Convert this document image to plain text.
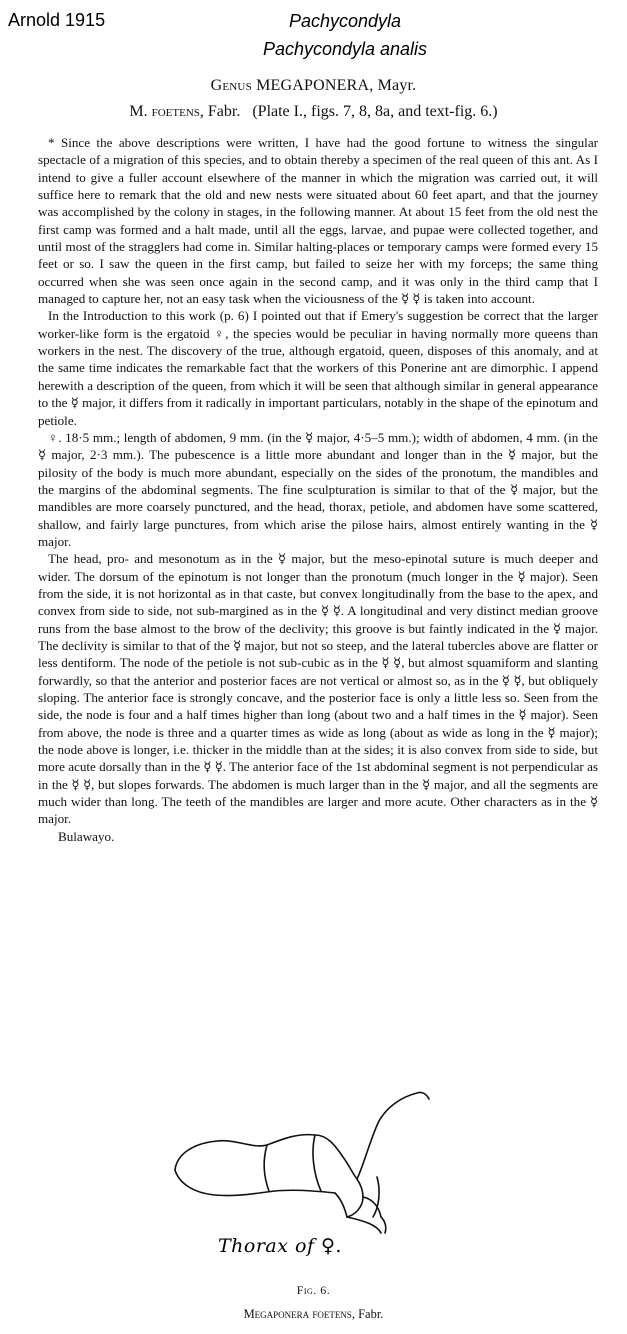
Arnold 1915	Pachycondyla
Pachycondyla analis
Genus MEGAPONERA, Mayr.
M. foetens, Fabr.   (Plate I., figs. 7, 8, 8a, and text-fig. 6.)

* Since the above descriptions were written, I have had the good fortune to witness the singular spectacle of a migration of this species, and to obtain thereby a specimen of the real queen of this ant. As I intend to give a fuller account elsewhere of the manner in which the migration was carried out, it will suffice here to remark that the old and new nests were situated about 60 feet apart, and that the journey was accomplished by the colony in stages, in the following manner. At about 15 feet from the old nest the first camp was formed and a halt made, until all the eggs, larvae, and pupae were collected together, and until most of the stragglers had come in. Similar halting-places or temporary camps were formed every 15 feet or so. I saw the queen in the first camp, but failed to seize her with my forceps; the same thing occurred when she was seen once again in the second camp, and it was only in the third camp that I managed to capture her, not an easy task when the viciousness of the ☿ ☿ is taken into account.

In the Introduction to this work (p. 6) I pointed out that if Emery's suggestion be correct that the larger worker-like form is the ergatoid ♀, the species would be peculiar in having normally more queens than workers in the nest. The discovery of the true, although ergatoid, queen, disposes of this anomaly, and at the same time indicates the remarkable fact that the workers of this Ponerine ant are dimorphic. I append herewith a description of the queen, from which it will be seen that although similar in general appearance to the ☿ major, it differs from it radically in important particulars, notably in the shape of the epinotum and petiole.

♀. 18·5 mm.; length of abdomen, 9 mm. (in the ☿ major, 4·5–5 mm.); width of abdomen, 4 mm. (in the ☿ major, 2·3 mm.). The pubescence is a little more abundant and longer than in the ☿ major, but the pilosity of the body is much more abundant, especially on the sides of the pronotum, the mandibles and the margins of the abdominal segments. The fine sculpturation is similar to that of the ☿ major, but the mandibles are more coarsely punctured, and the head, thorax, petiole, and abdomen have some scattered, shallow, and fairly large punctures, from which arise the pilose hairs, almost entirely wanting in the ☿ major.

The head, pro- and mesonotum as in the ☿ major, but the meso-epinotal suture is much deeper and wider. The dorsum of the epinotum is not longer than the pronotum (much longer in the ☿ major). Seen from the side, it is not horizontal as in that caste, but convex longitudinally from the base to the apex, and convex from side to side, not sub-margined as in the ☿ ☿. A longitudinal and very distinct median groove runs from the base almost to the brow of the declivity; this groove is but faintly indicated in the ☿ major. The declivity is similar to that of the ☿ major, but not so steep, and the lateral tubercles above are flatter or less dentiform. The node of the petiole is not sub-cubic as in the ☿ ☿, but almost squamiform and slanting forwardly, so that the anterior and posterior faces are not vertical or almost so, as in the ☿ ☿, but obliquely sloping. The anterior face is strongly concave, and the posterior face is only a little less so. Seen from the side, the node is four and a half times higher than long (about two and a half times in the ☿ major). Seen from above, the node is three and a quarter times as wide as long (about as wide as long in the ☿ major); the node above is longer, i.e. thicker in the middle than at the sides; it is also convex from side to side, but more acute dorsally than in the ☿ ☿. The anterior face of the 1st abdominal segment is not perpendicular as in the ☿ ☿, but slopes forwards. The abdomen is much larger than in the ☿ major, and all the segments are much wider than long. The teeth of the mandibles are larger and more acute. Other characters as in the ☿ major.

Bulawayo.

Thorax of ♀.
Fig. 6.
Megaponera foetens, Fabr.
